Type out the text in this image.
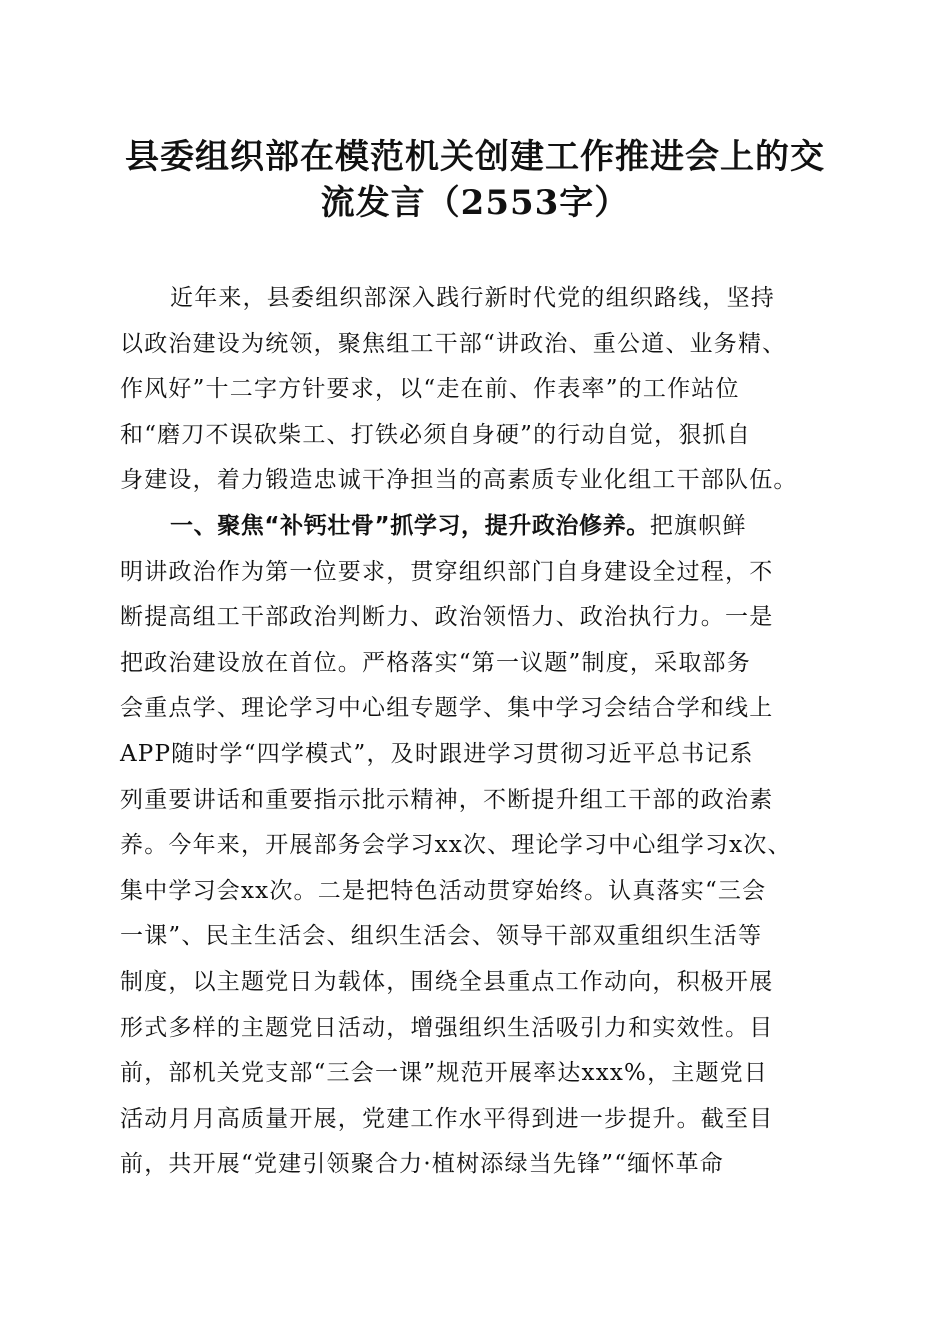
县委组织部在模范机关创建工作推进会上的交
流发言（2553字）
近年来，县委组织部深入践行新时代党的组织路线，坚持
以政治建设为统领，聚焦组工干部“讲政治、重公道、业务精、
作风好”十二字方针要求，以“走在前、作表率”的工作站位
和“磨刀不误砍柴工、打铁必须自身硬”的行动自觉，狠抓自
身建设，着力锻造忠诚干净担当的高素质专业化组工干部队伍。
一、聚焦“补钙壮骨”抓学习，提升政治修养。把旗帜鲜
明讲政治作为第一位要求，贯穿组织部门自身建设全过程，不
断提高组工干部政治判断力、政治领悟力、政治执行力。一是
把政治建设放在首位。严格落实“第一议题”制度，采取部务
会重点学、理论学习中心组专题学、集中学习会结合学和线上
APP随时学“四学模式”，及时跟进学习贯彻习近平总书记系
列重要讲话和重要指示批示精神，不断提升组工干部的政治素
养。今年来，开展部务会学习xx次、理论学习中心组学习x次、
集中学习会xx次。二是把特色活动贯穿始终。认真落实“三会
一课”、民主生活会、组织生活会、领导干部双重组织生活等
制度，以主题党日为载体，围绕全县重点工作动向，积极开展
形式多样的主题党日活动，增强组织生活吸引力和实效性。目
前，部机关党支部“三会一课”规范开展率达xxx%，主题党日
活动月月高质量开展，党建工作水平得到进一步提升。截至目
前，共开展“党建引领聚合力·植树添绿当先锋”“缅怀革命
